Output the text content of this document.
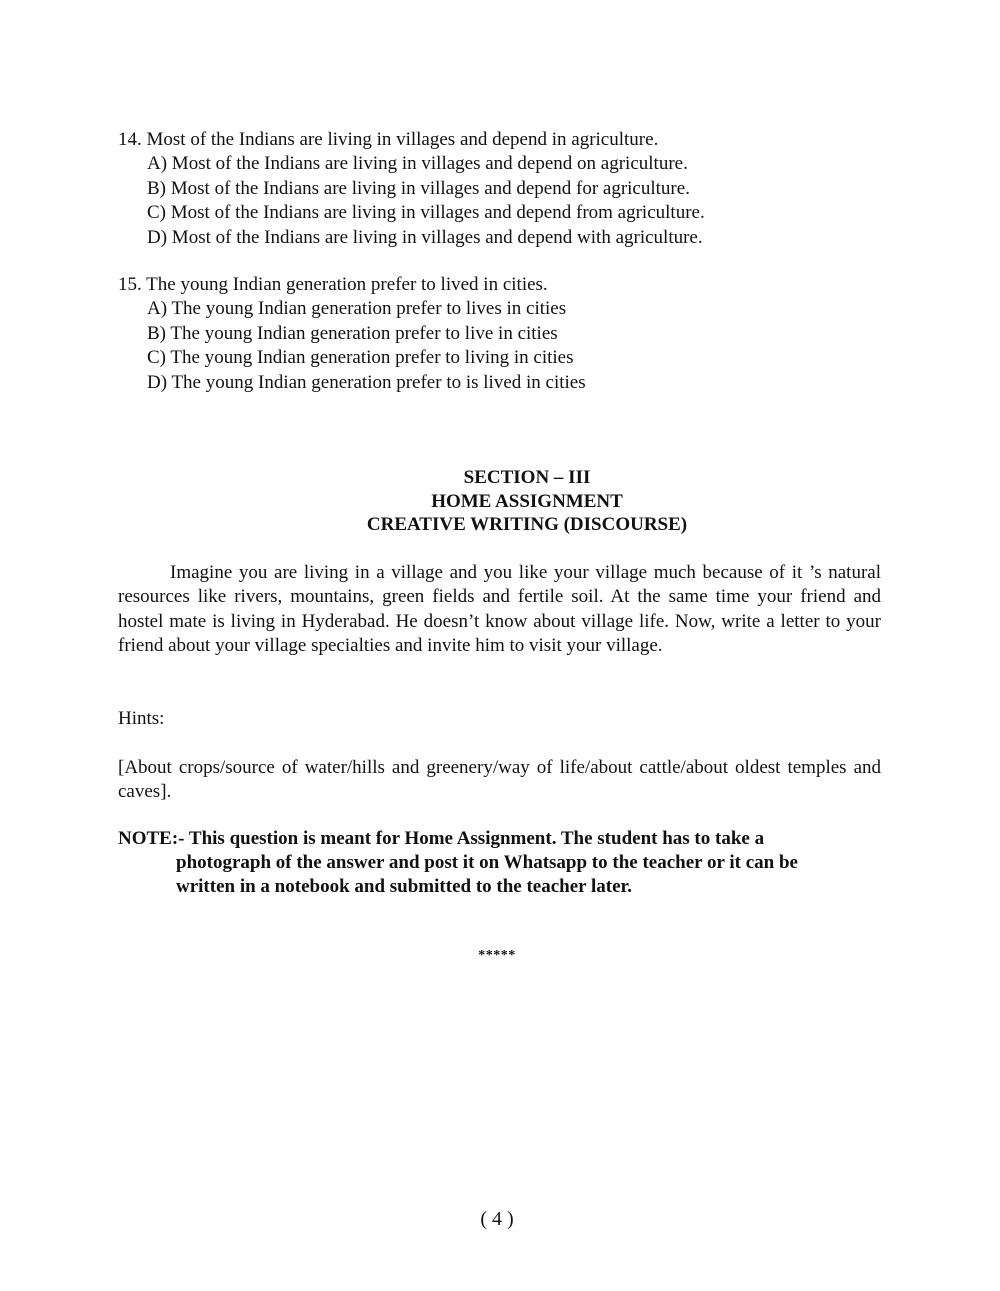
14. Most of the Indians are living in villages and depend in agriculture.

A) Most of the Indians are living in villages and depend on agriculture.

B) Most of the Indians are living in villages and depend for agriculture.

C) Most of the Indians are living in villages and depend from agriculture.

D) Most of the Indians are living in villages and depend with agriculture.

15. The young Indian generation prefer to lived in cities.

A) The young Indian generation prefer to lives in cities

B) The young Indian generation prefer to live in cities

C) The young Indian generation prefer to living in cities

D) The young Indian generation prefer to is lived in cities

SECTION – III
HOME ASSIGNMENT
CREATIVE WRITING (DISCOURSE)

Imagine you are living in a village and you like your village much because of it ’s natural resources like rivers, mountains, green fields and fertile soil. At the same time your friend and hostel mate is living in Hyderabad. He doesn’t know about village life. Now, write a letter to your friend about your village specialties and invite him to visit your village.

Hints:

[About crops/source of water/hills and greenery/way of life/about cattle/about oldest temples and caves].

NOTE:- This question is meant for Home Assignment. The student has to take a

photograph of the answer and post it on Whatsapp to the teacher or it can be

written in a notebook and submitted to the teacher later.

*****
( 4 )
